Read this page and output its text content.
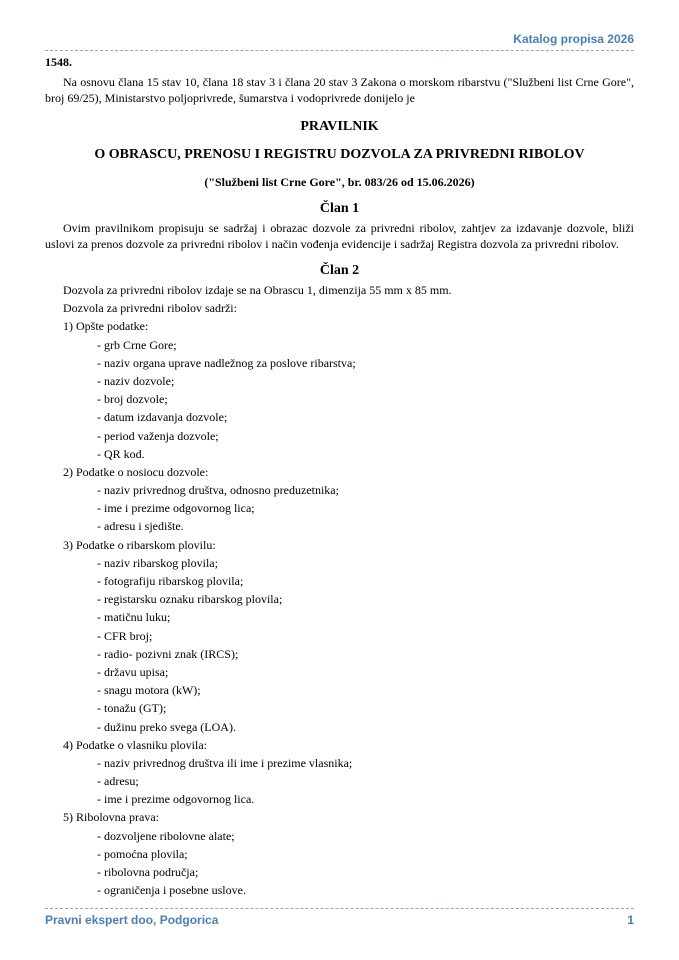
Katalog propisa 2026
1548.

Na osnovu člana 15 stav 10, člana 18 stav 3 i člana 20 stav 3 Zakona o morskom ribarstvu ("Službeni list Crne Gore", broj 69/25), Ministarstvo poljoprivrede, šumarstva i vodoprivrede donijelo je

PRAVILNIK
O OBRASCU, PRENOSU I REGISTRU DOZVOLA ZA PRIVREDNI RIBOLOV
("Službeni list Crne Gore", br. 083/26 od 15.06.2026)
Član 1

Ovim pravilnikom propisuju se sadržaj i obrazac dozvole za privredni ribolov, zahtjev za izdavanje dozvole, bliži uslovi za prenos dozvole za privredni ribolov i način vođenja evidencije i sadržaj Registra dozvola za privredni ribolov.

Član 2
Dozvola za privredni ribolov izdaje se na Obrascu 1, dimenzija 55 mm x 85 mm.
Dozvola za privredni ribolov sadrži:
1) Opšte podatke:
- grb Crne Gore;
- naziv organa uprave nadležnog za poslove ribarstva;
- naziv dozvole;
- broj dozvole;
- datum izdavanja dozvole;
- period važenja dozvole;
- QR kod.
2) Podatke o nosiocu dozvole:
- naziv privrednog društva, odnosno preduzetnika;
- ime i prezime odgovornog lica;
- adresu i sjedište.
3) Podatke o ribarskom plovilu:
- naziv ribarskog plovila;
- fotografiju ribarskog plovila;
- registarsku oznaku ribarskog plovila;
- matičnu luku;
- CFR broj;
- radio- pozivni znak (IRCS);
- državu upisa;
- snagu motora (kW);
- tonažu (GT);
- dužinu preko svega (LOA).
4) Podatke o vlasniku plovila:
- naziv privrednog društva ili ime i prezime vlasnika;
- adresu;
- ime i prezime odgovornog lica.
5) Ribolovna prava:
- dozvoljene ribolovne alate;
- pomoćna plovila;
- ribolovna područja;
- ograničenja i posebne uslove.
Pravni ekspert doo, Podgorica	1
